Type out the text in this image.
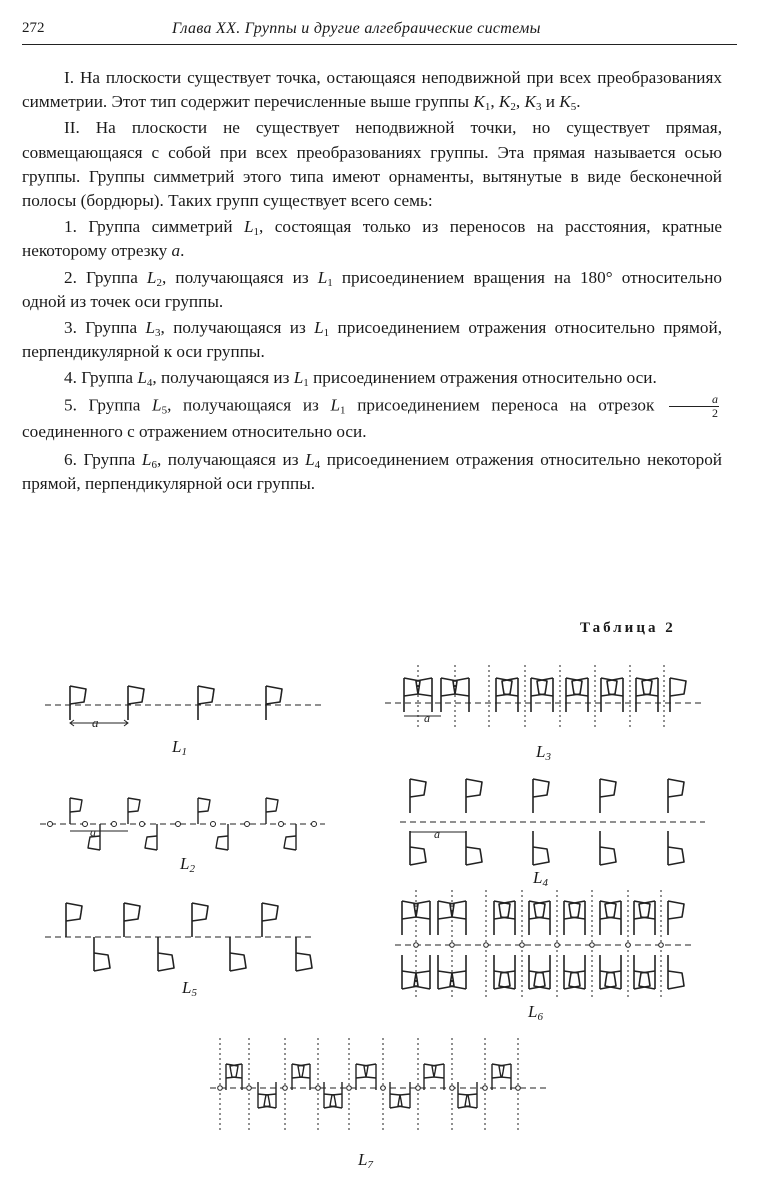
272	Глава XX. Группы и другие алгебраические системы

I. На плоскости существует точка, остающаяся неподвижной при всех преобразованиях симметрии. Этот тип содержит перечисленные выше группы $K_1$, $K_2$, $K_3$ и $K_5$.

II. На плоскости не существует неподвижной точки, но существует прямая, совмещающаяся с собой при всех преобразованиях группы. Эта прямая называется осью группы. Группы симметрий этого типа имеют орнаменты, вытянутые в виде бесконечной полосы (бордюры). Таких групп существует всего семь:

1. Группа симметрий $L_1$, состоящая только из переносов на расстояния, кратные некоторому отрезку a.

2. Группа $L_2$, получающаяся из $L_1$ присоединением вращения на 180° относительно одной из точек оси группы.

3. Группа $L_3$, получающаяся из $L_1$ присоединением отражения относительно прямой, перпендикулярной к оси группы.

4. Группа $L_4$, получающаяся из $L_1$ присоединением отражения относительно оси.

5. Группа $L_5$, получающаяся из $L_1$ присоединением переноса на отрезок $\frac{a}{2}$
соединенного с отражением относительно оси.

6. Группа $L_6$, получающаяся из $L_4$ присоединением отражения относительно некоторой прямой, перпендикулярной оси группы.

Таблица 2
a
a
a
a
$L_1$
$L_2$
$L_3$
$L_4$
$L_5$
$L_6$
$L_7$
